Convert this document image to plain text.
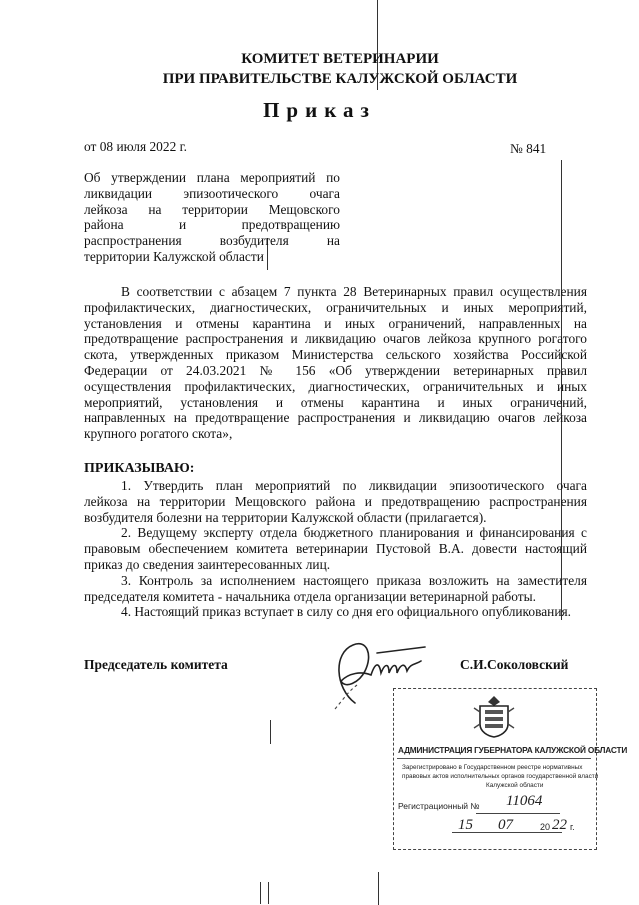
КОМИТЕТ ВЕТЕРИНАРИИ
ПРИ ПРАВИТЕЛЬСТВЕ КАЛУЖСКОЙ ОБЛАСТИ
Приказ
от 08 июля 2022 г.	№ 841
Об утверждении плана мероприятий по
ликвидации эпизоотического очага
лейкоза на территории Мещовского
района и предотвращению
распространения возбудителя на
территории Калужской области
В соответствии с абзацем 7 пункта 28 Ветеринарных правил осуществления
профилактических, диагностических, ограничительных и иных мероприятий,
установления и отмены карантина и иных ограничений, направленных на
предотвращение распространения и ликвидацию очагов лейкоза крупного рогатого
скота, утвержденных приказом Министерства сельского хозяйства Российской
Федерации от 24.03.2021 № 156 «Об утверждении ветеринарных правил
осуществления профилактических, диагностических, ограничительных и иных
мероприятий, установления и отмены карантина и иных ограничений,
направленных на предотвращение распространения и ликвидацию очагов лейкоза
крупного рогатого скота»,
ПРИКАЗЫВАЮ:
1. Утвердить план мероприятий по ликвидации эпизоотического очага
лейкоза на территории Мещовского района и предотвращению распространения
возбудителя болезни на территории Калужской области (прилагается).
2. Ведущему эксперту отдела бюджетного планирования и финансирования с
правовым обеспечением комитета ветеринарии Пустовой В.А. довести настоящий
приказ до сведения заинтересованных лиц.
3. Контроль за исполнением настоящего приказа возложить на заместителя
председателя комитета - начальника отдела организации ветеринарной работы.
4. Настоящий приказ вступает в силу со дня его официального опубликования.
Председатель комитета	С.И.Соколовский
АДМИНИСТРАЦИЯ ГУБЕРНАТОРА КАЛУЖСКОЙ ОБЛАСТИ
Зарегистрировано в Государственном реестре нормативных
правовых актов исполнительных органов государственной власти
Калужской области
Регистрационный № 11064
15 07	20 22 г.
